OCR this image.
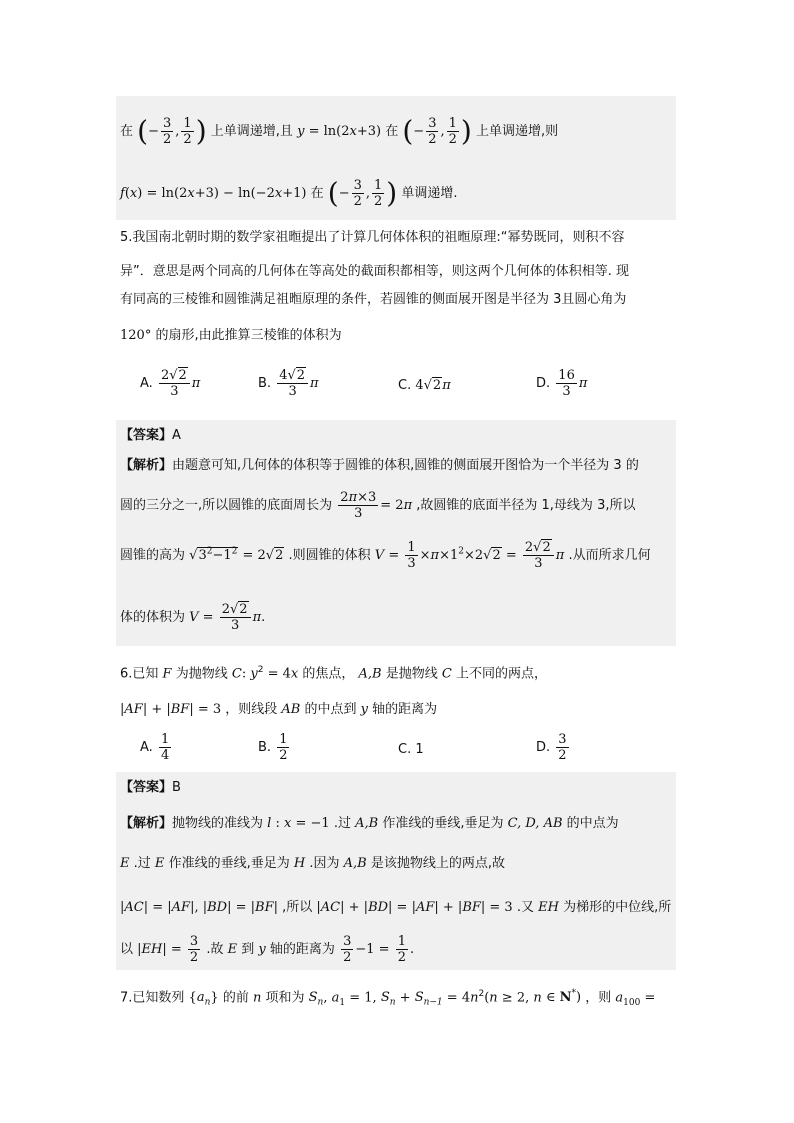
在 (− $\frac{3}{2}$ , $\frac{1}{2}$ ) 上单调递增,且 y = ln(2x+3) 在 (− $\frac{3}{2}$ , $\frac{1}{2}$ ) 上单调递增,则
f(x) = ln(2x+3) − ln(−2x+1) 在 (− $\frac{3}{2}$ , $\frac{1}{2}$ ) 单调递增.
5.我国南北朝时期的数学家祖暅提出了计算几何体体积的祖暅原理:“幂势既同，则积不容
异”．意思是两个同高的几何体在等高处的截面积都相等，则这两个几何体的体积相等. 现
有同高的三棱锥和圆锥满足祖暅原理的条件，若圆锥的侧面展开图是半径为 3且圆心角为
120° 的扇形,由此推算三棱锥的体积为
A. $\frac{2√2}{3}$ π	B. $\frac{4√2}{3}$ π	C. 4√2π	D. $\frac{16}{3}$ π
【答案】A
【解析】由题意可知,几何体的体积等于圆锥的体积,圆锥的侧面展开图恰为一个半径为 3 的
圆的三分之一,所以圆锥的底面周长为 $\frac{2\pi\times 3}{3} = 2\pi$ ,故圆锥的底面半径为 1,母线为 3,所以
圆锥的高为 $√3^2-1^2 = 2√2$ .则圆锥的体积 $V = \frac{1}{3} \times\pi\times 1^2\times 2√2 = \frac{2√2}{3}$ π .从而所求几何
体的体积为 $V = \frac{2√2}{3} \pi$.
6.已知 F 为抛物线 C: $y^2 = 4x$ 的焦点， A,B 是抛物线 C 上不同的两点，
|AF| + |BF| = 3 ，则线段 AB 的中点到 y 轴的距离为
A. $\frac{1}{4}$	B. $\frac{1}{2}$	C. 1	D. $\frac{3}{2}$
【答案】B
【解析】抛物线的准线为 l : x = −1 .过 A,B 作准线的垂线,垂足为 C, D, AB 的中点为
E .过 E 作准线的垂线,垂足为 H .因为 A,B 是该抛物线上的两点,故
|AC| = |AF|, |BD| = |BF| ,所以 |AC| + |BD| = |AF| + |BF| = 3 .又 EH 为梯形的中位线,所
以 $|EH| = \frac{3}{2}$ .故 E 到 y 轴的距离为 $\frac{3}{2} -1 = \frac{1}{2}$ .
7.已知数列 $\{a_n\}$ 的前 n 项和为 $S_n$, $a_1 = 1$, $S_n + S_{n-1} = 4n^2(n \ge 2$, n ∈ N*) ，则 $a_{100}$ =
